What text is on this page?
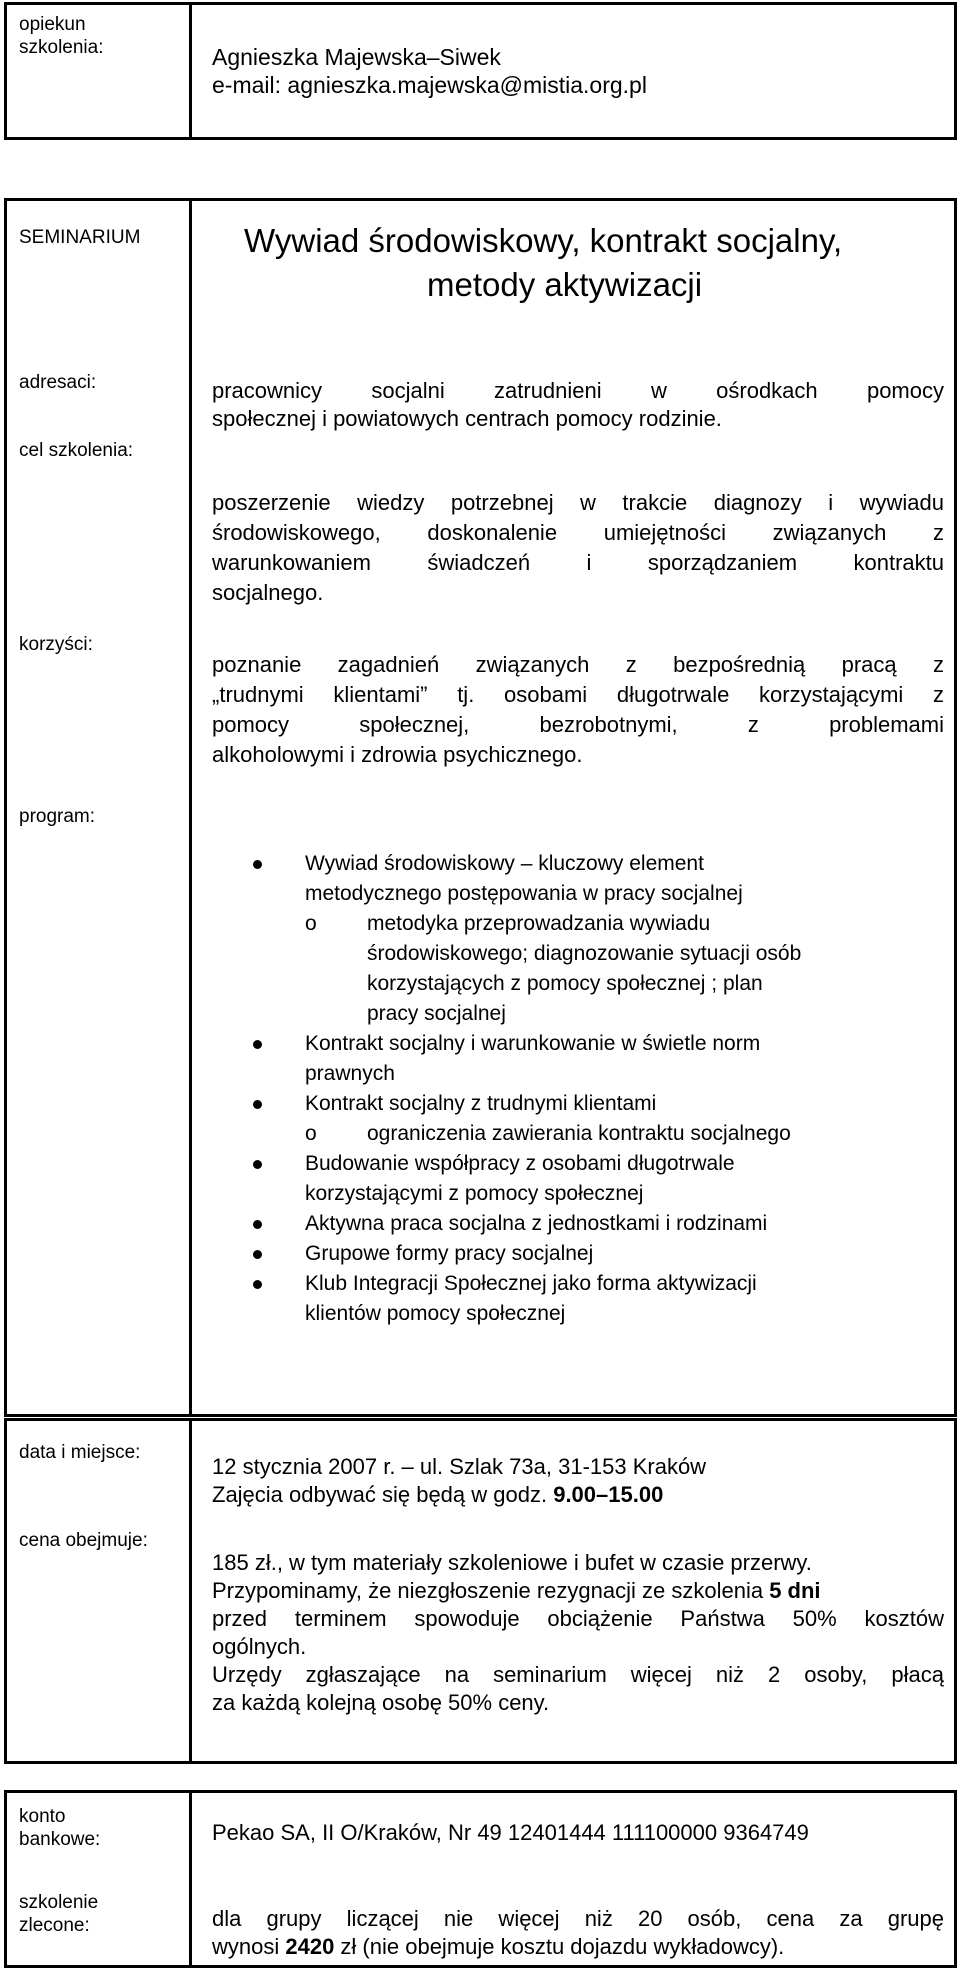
opiekun szkolenia:	Agnieszka Majewska–Siwek
e-mail: agnieszka.majewska@mistia.org.pl
SEMINARIUM	Wywiad środowiskowy, kontrakt socjalny,
metody aktywizacji
adresaci:	pracownicy socjalni zatrudnieni w ośrodkach pomocy
społecznej i powiatowych centrach pomocy rodzinie.
cel szkolenia:
poszerzenie wiedzy potrzebnej w trakcie diagnozy i wywiadu
środowiskowego, doskonalenie umiejętności związanych z
warunkowaniem świadczeń i sporządzaniem kontraktu
socjalnego.
korzyści:
poznanie zagadnień związanych z bezpośrednią pracą z
„trudnymi klientami” tj. osobami długotrwale korzystającymi z
pomocy społecznej, bezrobotnymi, z problemami
alkoholowymi i zdrowia psychicznego.
program:
Wywiad środowiskowy – kluczowy element
metodycznego postępowania w pracy socjalnej
o metodyka przeprowadzania wywiadu
środowiskowego; diagnozowanie sytuacji osób
korzystających z pomocy społecznej ; plan
pracy socjalnej
Kontrakt socjalny i warunkowanie w świetle norm
prawnych
Kontrakt socjalny z trudnymi klientami
o ograniczenia zawierania kontraktu socjalnego
Budowanie współpracy z osobami długotrwale
korzystającymi z pomocy społecznej
Aktywna praca socjalna z jednostkami i rodzinami
Grupowe formy pracy socjalnej
Klub Integracji Społecznej jako forma aktywizacji
klientów pomocy społecznej
data i miejsce:
12 stycznia 2007 r. – ul. Szlak 73a, 31-153 Kraków
Zajęcia odbywać się będą w godz. 9.00–15.00
cena obejmuje:
185 zł., w tym materiały szkoleniowe i bufet w czasie przerwy.
Przypominamy, że niezgłoszenie rezygnacji ze szkolenia 5 dni
przed terminem spowoduje obciążenie Państwa 50% kosztów
ogólnych.
Urzędy zgłaszające na seminarium więcej niż 2 osoby, płacą
za każdą kolejną osobę 50% ceny.
konto
bankowe:	Pekao SA, II O/Kraków, Nr 49 12401444 111100000 9364749
szkolenie
zlecone:	dla grupy liczącej nie więcej niż 20 osób, cena za grupę
wynosi 2420 zł (nie obejmuje kosztu dojazdu wykładowcy).
